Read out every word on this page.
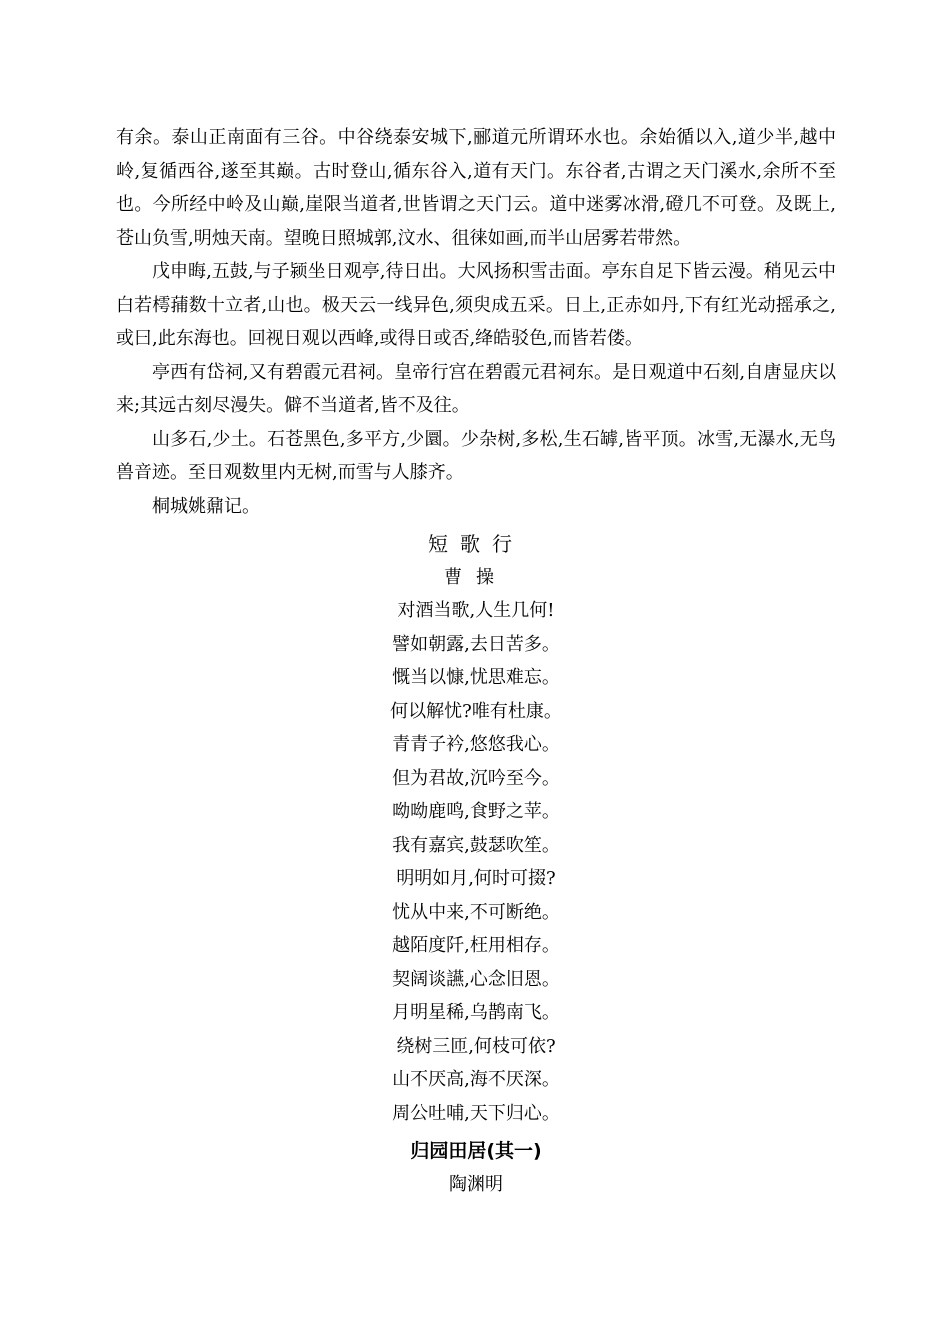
有余。泰山正南面有三谷。中谷绕泰安城下,郦道元所谓环水也。余始循以入,道少半,越中岭,复循西谷,遂至其巅。古时登山,循东谷入,道有天门。东谷者,古谓之天门溪水,余所不至也。今所经中岭及山巅,崖限当道者,世皆谓之天门云。道中迷雾冰滑,磴几不可登。及既上,苍山负雪,明烛天南。望晚日照城郭,汶水、徂徕如画,而半山居雾若带然。

戊申晦,五鼓,与子颍坐日观亭,待日出。大风扬积雪击面。亭东自足下皆云漫。稍见云中白若樗蒱数十立者,山也。极天云一线异色,须臾成五采。日上,正赤如丹,下有红光动摇承之,或曰,此东海也。回视日观以西峰,或得日或否,绛皓驳色,而皆若偻。

亭西有岱祠,又有碧霞元君祠。皇帝行宫在碧霞元君祠东。是日观道中石刻,自唐显庆以来;其远古刻尽漫失。僻不当道者,皆不及往。

山多石,少土。石苍黑色,多平方,少圜。少杂树,多松,生石罅,皆平顶。冰雪,无瀑水,无鸟兽音迹。至日观数里内无树,而雪与人膝齐。

桐城姚鼐记。

短歌行
曹操
对酒当歌,人生几何!
譬如朝露,去日苦多。
慨当以慷,忧思难忘。
何以解忧?唯有杜康。
青青子衿,悠悠我心。
但为君故,沉吟至今。
呦呦鹿鸣,食野之苹。
我有嘉宾,鼓瑟吹笙。
明明如月,何时可掇?
忧从中来,不可断绝。
越陌度阡,枉用相存。
契阔谈讌,心念旧恩。
月明星稀,乌鹊南飞。
绕树三匝,何枝可依?
山不厌高,海不厌深。
周公吐哺,天下归心。
归园田居(其一)
陶渊明
